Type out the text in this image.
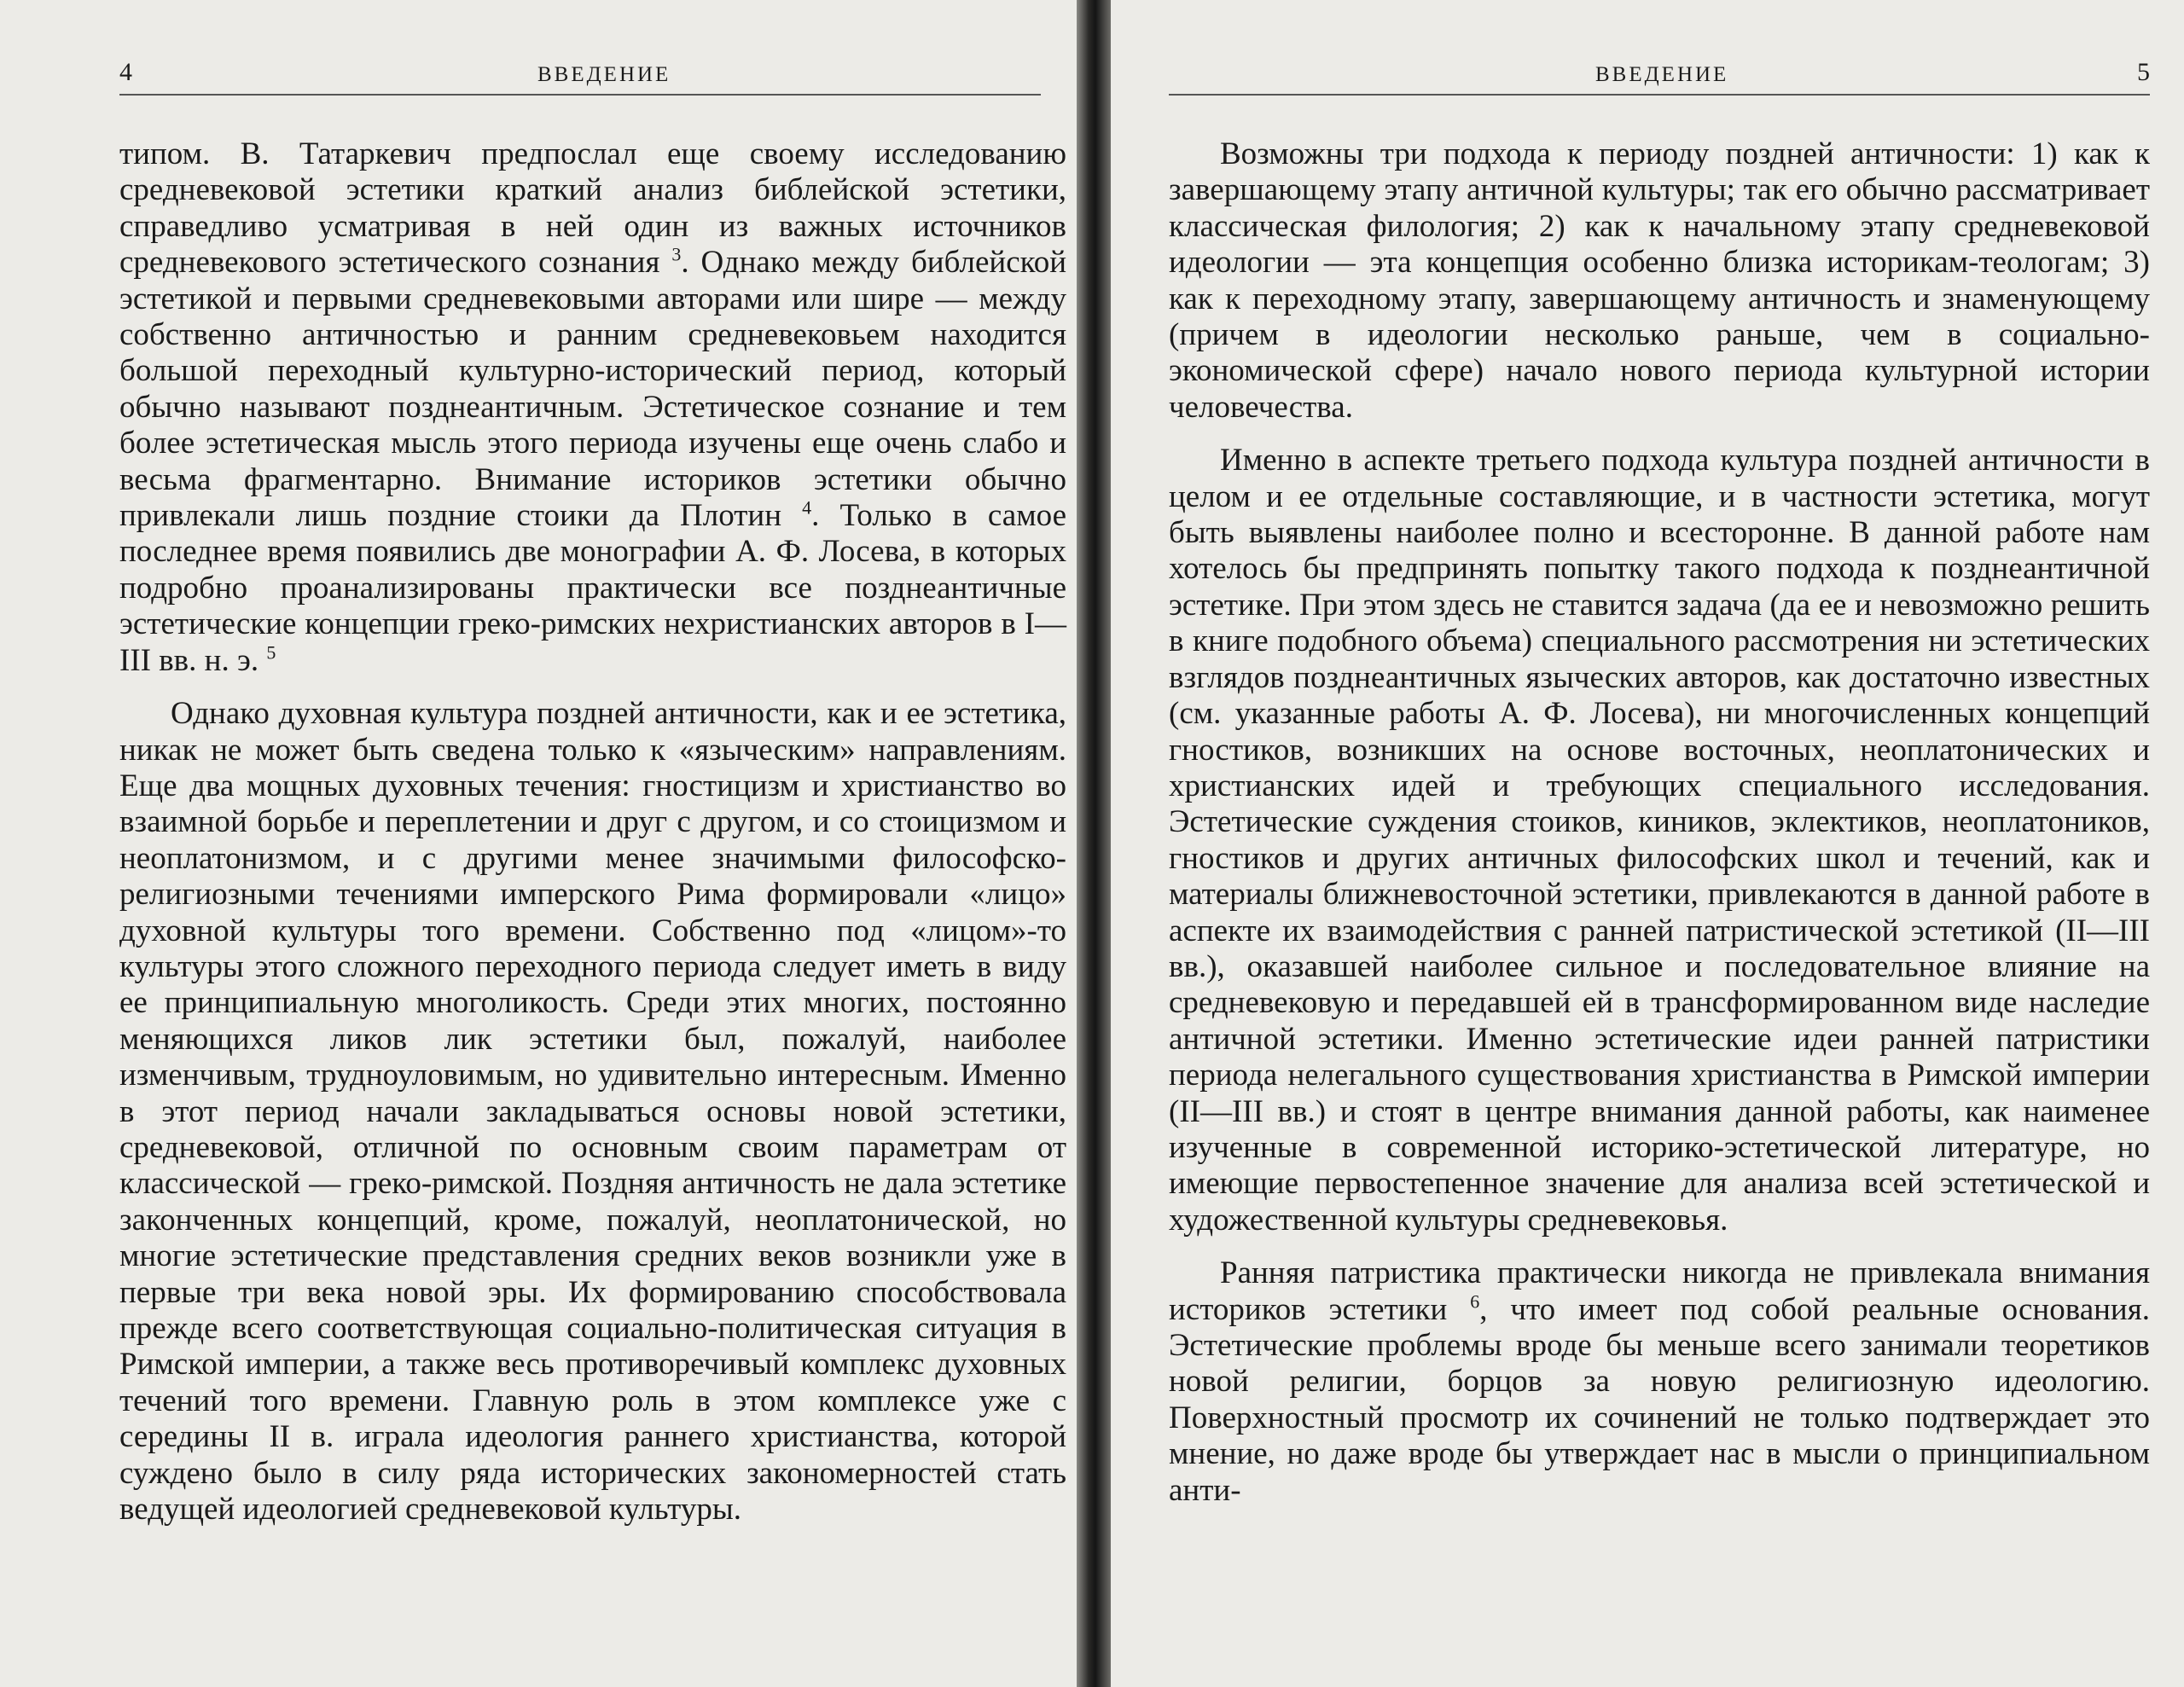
4	ВВЕДЕНИЕ

типом. В. Татаркевич предпослал еще своему исследованию средневековой эстетики краткий анализ библейской эстетики, справедливо усматривая в ней один из важных источников средневекового эстетического сознания $^3$. Однако между библейской эстетикой и первыми средневековыми авторами или шире — между собственно античностью и ранним средневековьем находится большой переходный культурно-исторический период, который обычно называют позднеантичным. Эстетическое сознание и тем более эстетическая мысль этого периода изучены еще очень слабо и весьма фрагментарно. Внимание историков эстетики обычно привлекали лишь поздние стоики да Плотин $^4$. Только в самое последнее время появились две монографии А. Ф. Лосева, в которых подробно проанализированы практически все позднеантичные эстетические концепции греко-римских нехристианских авторов в I—III вв. н. э. $^5$

Однако духовная культура поздней античности, как и ее эстетика, никак не может быть сведена только к «языческим» направлениям. Еще два мощных духовных течения: гностицизм и христианство во взаимной борьбе и переплетении и друг с другом, и со стоицизмом и неоплатонизмом, и с другими менее значимыми философско-религиозными течениями имперского Рима формировали «лицо» духовной культуры того времени. Собственно под «лицом»-то культуры этого сложного переходного периода следует иметь в виду ее принципиальную многоликость. Среди этих многих, постоянно меняющихся ликов лик эстетики был, пожалуй, наиболее изменчивым, трудноуловимым, но удивительно интересным. Именно в этот период начали закладываться основы новой эстетики, средневековой, отличной по основным своим параметрам от классической — греко-римской. Поздняя античность не дала эстетике законченных концепций, кроме, пожалуй, неоплатонической, но многие эстетические представления средних веков возникли уже в первые три века новой эры. Их формированию способствовала прежде всего соответствующая социально-политическая ситуация в Римской империи, а также весь противоречивый комплекс духовных течений того времени. Главную роль в этом комплексе уже с середины II в. играла идеология раннего христианства, которой суждено было в силу ряда исторических закономерностей стать ведущей идеологией средневековой культуры.

ВВЕДЕНИЕ	5

Возможны три подхода к периоду поздней античности: 1) как к завершающему этапу античной культуры; так его обычно рассматривает классическая филология; 2) как к начальному этапу средневековой идеологии — эта концепция особенно близка историкам-теологам; 3) как к переходному этапу, завершающему античность и знаменующему (причем в идеологии несколько раньше, чем в социально-экономической сфере) начало нового периода культурной истории человечества.

Именно в аспекте третьего подхода культура поздней античности в целом и ее отдельные составляющие, и в частности эстетика, могут быть выявлены наиболее полно и всесторонне. В данной работе нам хотелось бы предпринять попытку такого подхода к позднеантичной эстетике. При этом здесь не ставится задача (да ее и невозможно решить в книге подобного объема) специального рассмотрения ни эстетических взглядов позднеантичных языческих авторов, как достаточно известных (см. указанные работы А. Ф. Лосева), ни многочисленных концепций гностиков, возникших на основе восточных, неоплатонических и христианских идей и требующих специального исследования. Эстетические суждения стоиков, киников, эклектиков, неоплатоников, гностиков и других античных философских школ и течений, как и материалы ближневосточной эстетики, привлекаются в данной работе в аспекте их взаимодействия с ранней патристической эстетикой (II—III вв.), оказавшей наиболее сильное и последовательное влияние на средневековую и передавшей ей в трансформированном виде наследие античной эстетики. Именно эстетические идеи ранней патристики периода нелегального существования христианства в Римской империи (II—III вв.) и стоят в центре внимания данной работы, как наименее изученные в современной историко-эстетической литературе, но имеющие первостепенное значение для анализа всей эстетической и художественной культуры средневековья.

Ранняя патристика практически никогда не привлекала внимания историков эстетики $^6$, что имеет под собой реальные основания. Эстетические проблемы вроде бы меньше всего занимали теоретиков новой религии, борцов за новую религиозную идеологию. Поверхностный просмотр их сочинений не только подтверждает это мнение, но даже вроде бы утверждает нас в мысли о принципиальном анти-
